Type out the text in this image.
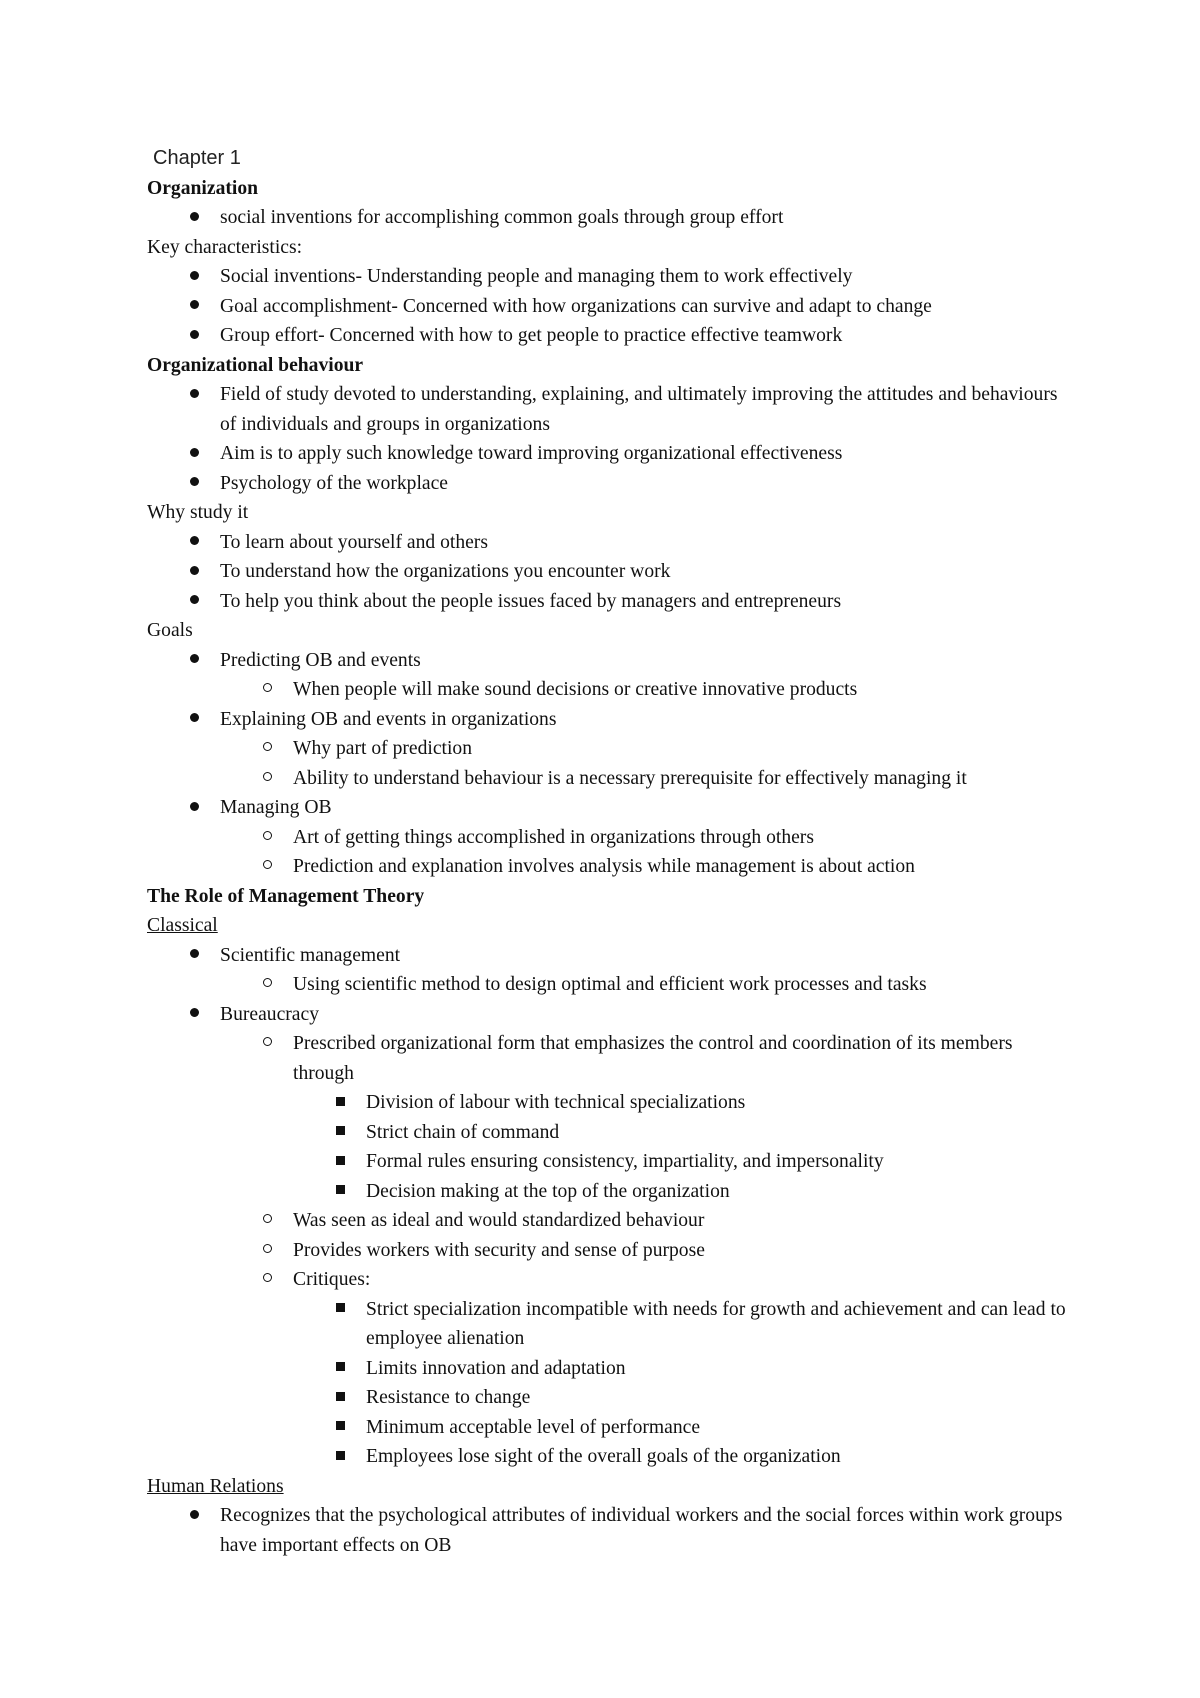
Chapter 1
Organization
social inventions for accomplishing common goals through group effort
Key characteristics:
Social inventions- Understanding people and managing them to work effectively
Goal accomplishment- Concerned with how organizations can survive and adapt to change
Group effort- Concerned with how to get people to practice effective teamwork
Organizational behaviour
Field of study devoted to understanding, explaining, and ultimately improving the attitudes and behaviours of individuals and groups in organizations
Aim is to apply such knowledge toward improving organizational effectiveness
Psychology of the workplace
Why study it
To learn about yourself and others
To understand how the organizations you encounter work
To help you think about the people issues faced by managers and entrepreneurs
Goals
Predicting OB and events
When people will make sound decisions or creative innovative products
Explaining OB and events in organizations
Why part of prediction
Ability to understand behaviour is a necessary prerequisite for effectively managing it
Managing OB
Art of getting things accomplished in organizations through others
Prediction and explanation involves analysis while management is about action
The Role of Management Theory
Classical
Scientific management
Using scientific method to design optimal and efficient work processes and tasks
Bureaucracy
Prescribed organizational form that emphasizes the control and coordination of its members through
Division of labour with technical specializations
Strict chain of command
Formal rules ensuring consistency, impartiality, and impersonality
Decision making at the top of the organization
Was seen as ideal and would standardized behaviour
Provides workers with security and sense of purpose
Critiques:
Strict specialization incompatible with needs for growth and achievement and can lead to employee alienation
Limits innovation and adaptation
Resistance to change
Minimum acceptable level of performance
Employees lose sight of the overall goals of the organization
Human Relations
Recognizes that the psychological attributes of individual workers and the social forces within work groups have important effects on OB
